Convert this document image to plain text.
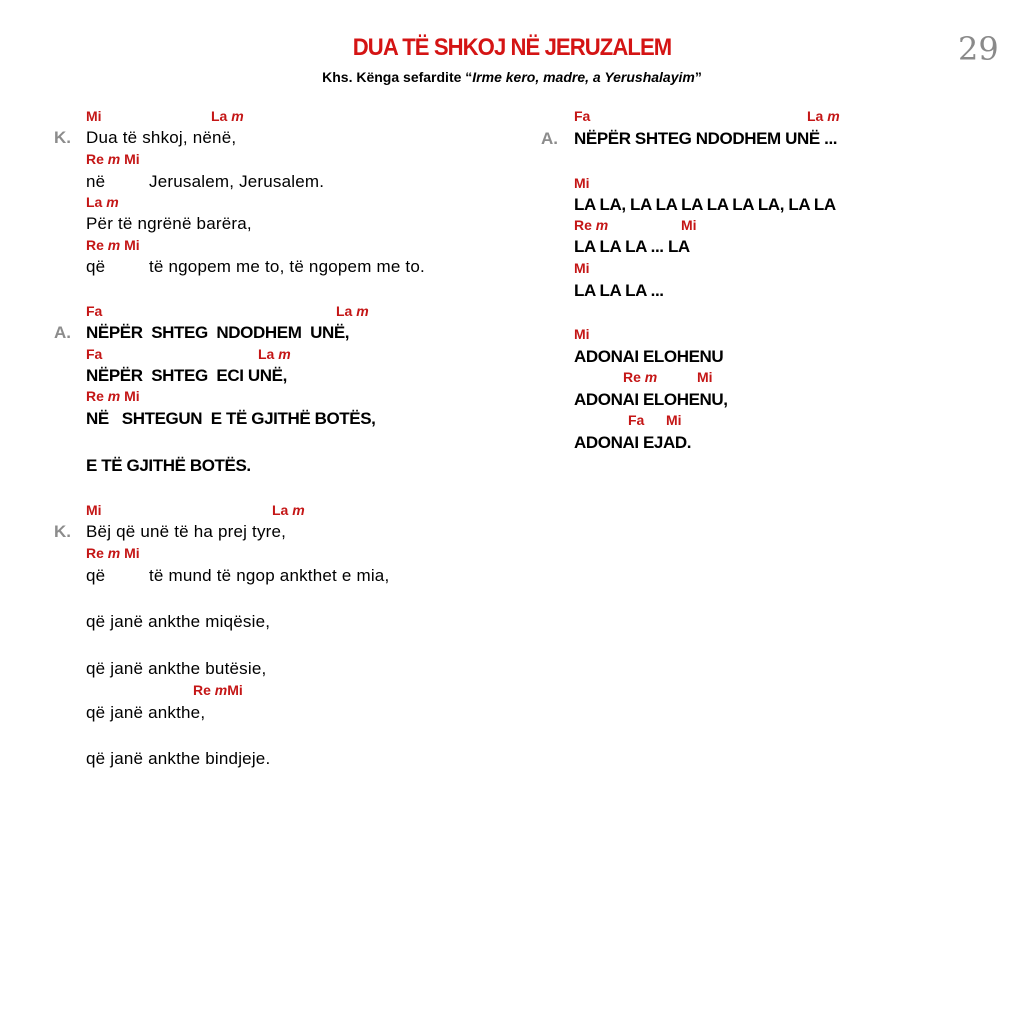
DUA TË SHKOJ NË JERUZALEM
Khs. Kënga sefardite “Irme kero, madre, a Yerushalayim”
29
K.
Mi	La m
Dua të shkoj, nënë,
Re m Mi
në	Jerusalem, Jerusalem.
La m
Për të ngrënë barëra,
Re m Mi
që	të ngopem me to, të ngopem me to.
A.
Fa	La m
NËPËR  SHTEG  NDODHEM  UNË,
Fa	La m
NËPËR  SHTEG  ECI UNË,
Re m Mi
NË   SHTEGUN  E TË GJITHË BOTËS,
E TË GJITHË BOTËS.
K.
Mi	La m
Bëj që unë të ha prej tyre,
Re m Mi
që	të mund të ngop ankthet e mia,
që janë ankthe miqësie,
që janë ankthe butësie,
Re mMi
që janë ankthe,
që janë ankthe bindjeje.
A.
Fa	La m
NËPËR SHTEG NDODHEM UNË ...
Mi
LA LA, LA LA LA LA LA LA, LA LA
Re m	Mi
LA LA LA ... LA
Mi
LA LA LA ...
Mi
ADONAI ELOHENU
Re m	Mi
ADONAI ELOHENU,
Fa Mi
ADONAI EJAD.
